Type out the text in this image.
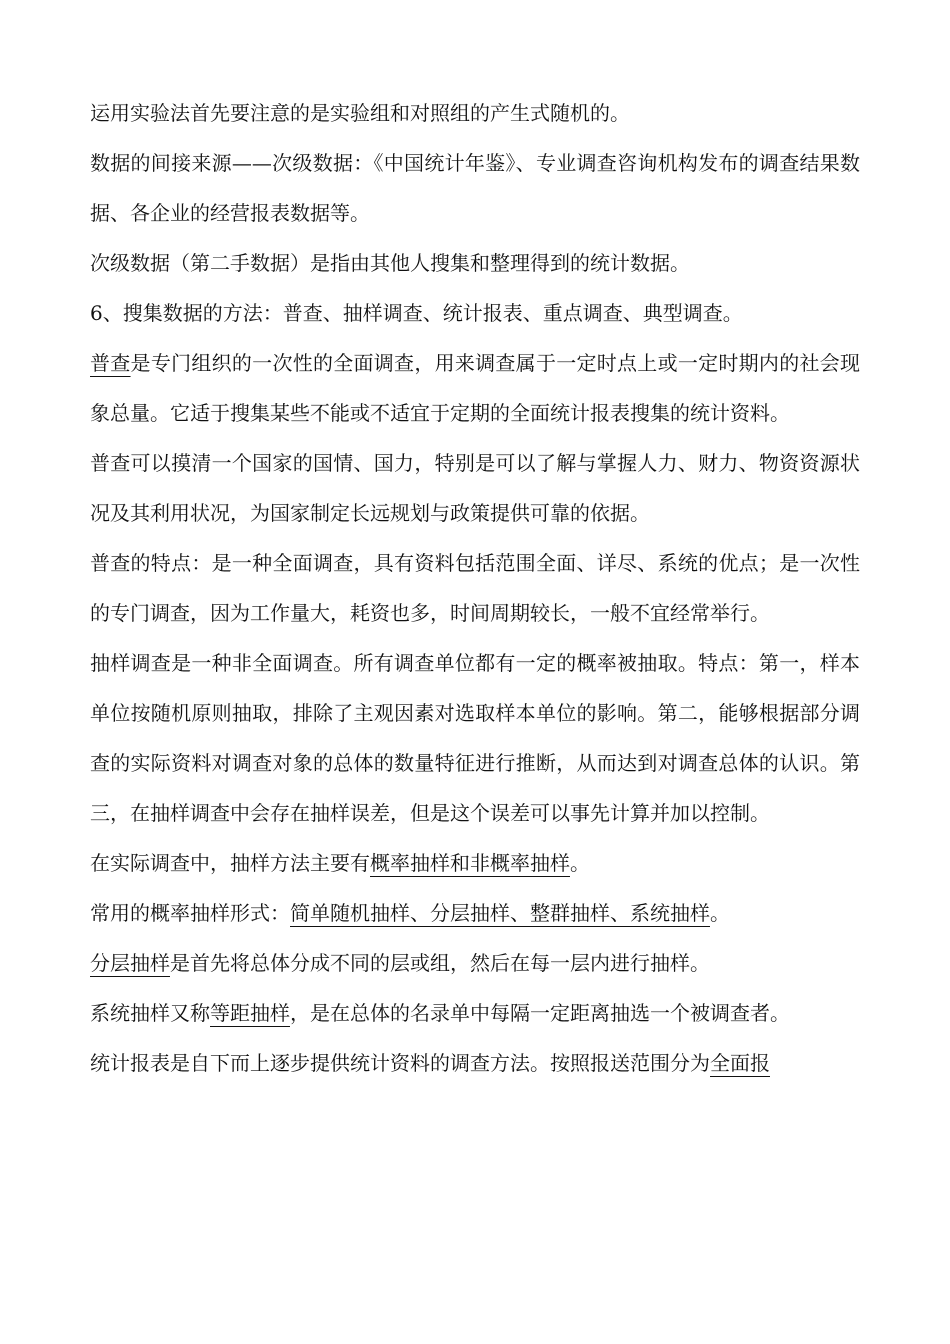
运用实验法首先要注意的是实验组和对照组的产生式随机的。

数据的间接来源——次级数据：《中国统计年鉴》、专业调查咨询机构发布的调查结果数据、各企业的经营报表数据等。

次级数据（第二手数据）是指由其他人搜集和整理得到的统计数据。

6、搜集数据的方法：普查、抽样调查、统计报表、重点调查、典型调查。

普查是专门组织的一次性的全面调查，用来调查属于一定时点上或一定时期内的社会现象总量。它适于搜集某些不能或不适宜于定期的全面统计报表搜集的统计资料。

普查可以摸清一个国家的国情、国力，特别是可以了解与掌握人力、财力、物资资源状况及其利用状况，为国家制定长远规划与政策提供可靠的依据。

普查的特点：是一种全面调查，具有资料包括范围全面、详尽、系统的优点；是一次性的专门调查，因为工作量大，耗资也多，时间周期较长，一般不宜经常举行。

抽样调查是一种非全面调查。所有调查单位都有一定的概率被抽取。特点：第一，样本单位按随机原则抽取，排除了主观因素对选取样本单位的影响。第二，能够根据部分调查的实际资料对调查对象的总体的数量特征进行推断，从而达到对调查总体的认识。第三，在抽样调查中会存在抽样误差，但是这个误差可以事先计算并加以控制。

在实际调查中，抽样方法主要有概率抽样和非概率抽样。

常用的概率抽样形式：简单随机抽样、分层抽样、整群抽样、系统抽样。

分层抽样是首先将总体分成不同的层或组，然后在每一层内进行抽样。

系统抽样又称等距抽样，是在总体的名录单中每隔一定距离抽选一个被调查者。

统计报表是自下而上逐步提供统计资料的调查方法。按照报送范围分为全面报
